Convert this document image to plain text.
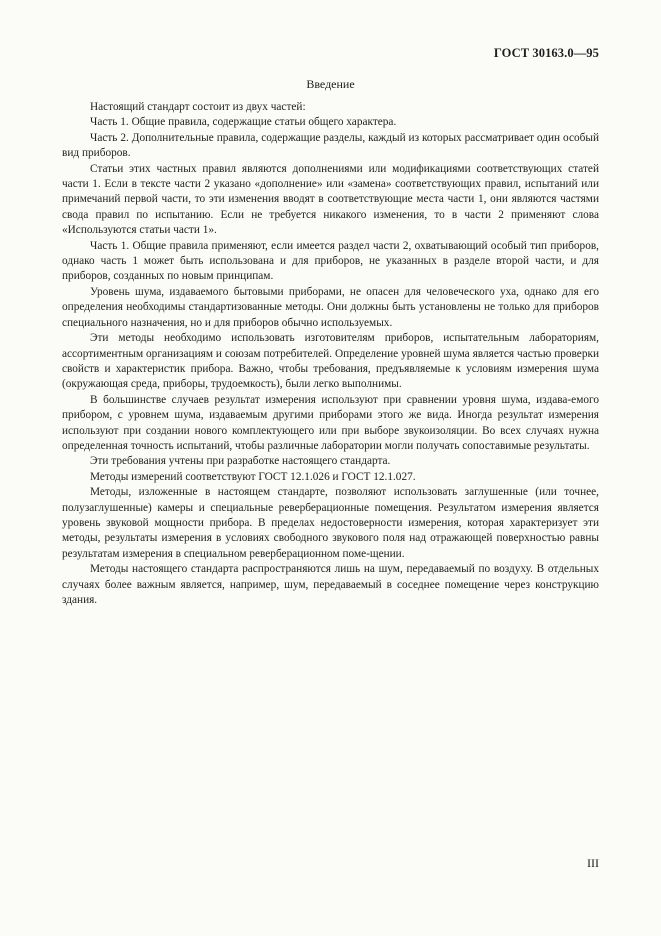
ГОСТ 30163.0—95
Введение

Настоящий стандарт состоит из двух частей:

Часть 1. Общие правила, содержащие статьи общего характера.

Часть 2. Дополнительные правила, содержащие разделы, каждый из которых рассматривает один особый вид приборов.

Статьи этих частных правил являются дополнениями или модификациями соответствующих статей части 1. Если в тексте части 2 указано «дополнение» или «замена» соответствующих правил, испытаний или примечаний первой части, то эти изменения вводят в соответствующие места части 1, они являются частями свода правил по испытанию. Если не требуется никакого изменения, то в части 2 применяют слова «Используются статьи части 1».

Часть 1. Общие правила применяют, если имеется раздел части 2, охватывающий особый тип приборов, однако часть 1 может быть использована и для приборов, не указанных в разделе второй части, и для приборов, созданных по новым принципам.

Уровень шума, издаваемого бытовыми приборами, не опасен для человеческого уха, однако для его определения необходимы стандартизованные методы. Они должны быть установлены не только для приборов специального назначения, но и для приборов обычно используемых.

Эти методы необходимо использовать изготовителям приборов, испытательным лабораториям, ассортиментным организациям и союзам потребителей. Определение уровней шума является частью проверки свойств и характеристик прибора. Важно, чтобы требования, предъявляемые к условиям измерения шума (окружающая среда, приборы, трудоемкость), были легко выполнимы.

В большинстве случаев результат измерения используют при сравнении уровня шума, издава-емого прибором, с уровнем шума, издаваемым другими приборами этого же вида. Иногда результат измерения используют при создании нового комплектующего или при выборе звукоизоляции. Во всех случаях нужна определенная точность испытаний, чтобы различные лаборатории могли получать сопоставимые результаты.

Эти требования учтены при разработке настоящего стандарта.

Методы измерений соответствуют ГОСТ 12.1.026 и ГОСТ 12.1.027.

Методы, изложенные в настоящем стандарте, позволяют использовать заглушенные (или точнее, полузаглушенные) камеры и специальные реверберационные помещения. Результатом измерения является уровень звуковой мощности прибора. В пределах недостоверности измерения, которая характеризует эти методы, результаты измерения в условиях свободного звукового поля над отражающей поверхностью равны результатам измерения в специальном реверберационном поме-щении.

Методы настоящего стандарта распространяются лишь на шум, передаваемый по воздуху. В отдельных случаях более важным является, например, шум, передаваемый в соседнее помещение через конструкцию здания.

III
